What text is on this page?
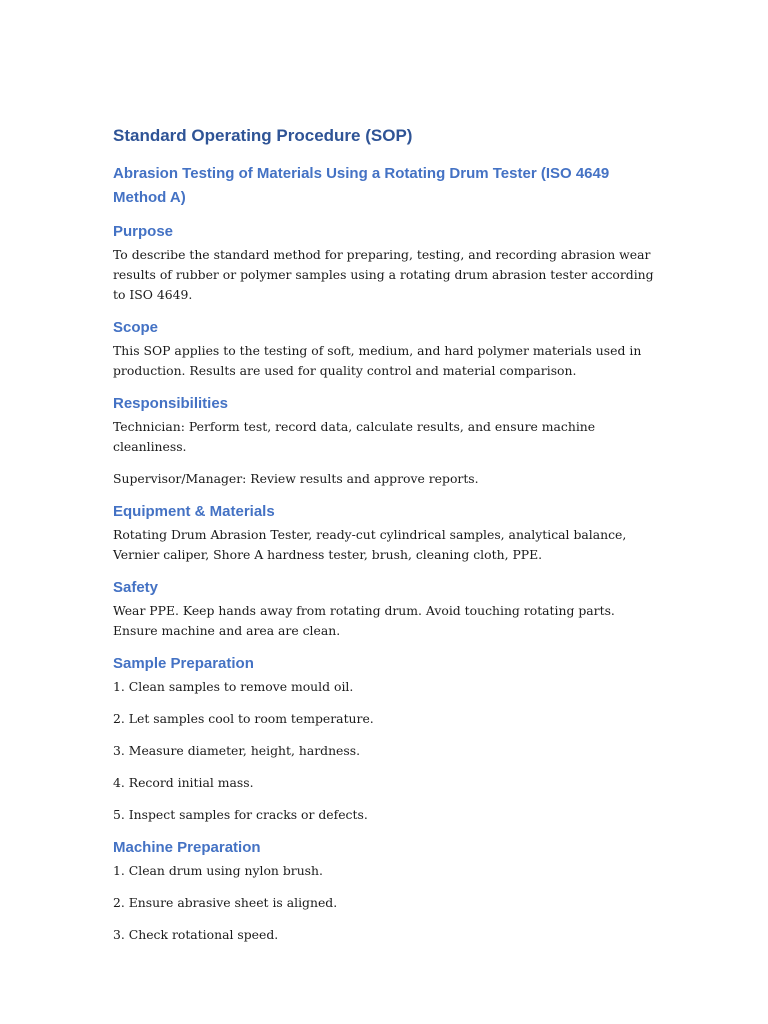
Standard Operating Procedure (SOP)
Abrasion Testing of Materials Using a Rotating Drum Tester (ISO 4649 Method A)
Purpose

To describe the standard method for preparing, testing, and recording abrasion wear results of rubber or polymer samples using a rotating drum abrasion tester according to ISO 4649.

Scope

This SOP applies to the testing of soft, medium, and hard polymer materials used in production. Results are used for quality control and material comparison.

Responsibilities

Technician: Perform test, record data, calculate results, and ensure machine cleanliness.

Supervisor/Manager: Review results and approve reports.

Equipment & Materials

Rotating Drum Abrasion Tester, ready-cut cylindrical samples, analytical balance, Vernier caliper, Shore A hardness tester, brush, cleaning cloth, PPE.

Safety

Wear PPE. Keep hands away from rotating drum. Avoid touching rotating parts. Ensure machine and area are clean.

Sample Preparation

1. Clean samples to remove mould oil.

2. Let samples cool to room temperature.

3. Measure diameter, height, hardness.

4. Record initial mass.

5. Inspect samples for cracks or defects.

Machine Preparation

1. Clean drum using nylon brush.

2. Ensure abrasive sheet is aligned.

3. Check rotational speed.
